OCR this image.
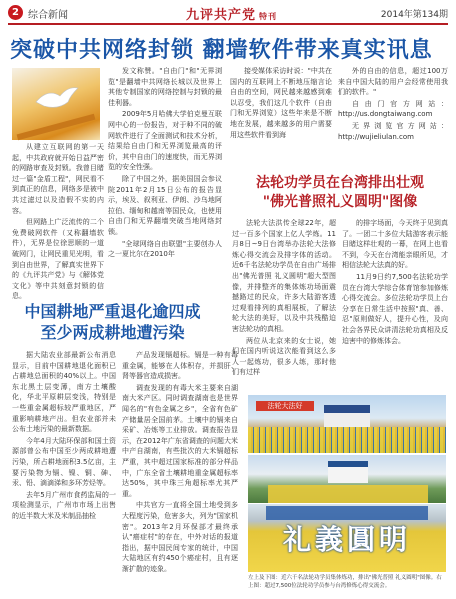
2 综合新闻	九评共产党 特刊	2014年第134期
突破中共网络封锁 翻墙软件带来真实讯息

从建立互联网的第一天起，中共政府就开始日益严密的网路审查及封锁。我曾目睹过一篇"金盾工程"，网民看不到真正的信息，网络多是被中共过滤过以及造假不实的内容。

但网路上广泛流传的二个免费破网软件（又称翻墙软件），无界是位徐思顺的一道破网门，让网民重见光明，看到自由世界，了解真实世界下的《九评共产党》与《解体党文化》等中共刻意封锁的信息。

发文称赞。"自由门"和"无界浏览"是翻墙中共网络长城以及世界上其他专制国家的网络控制与封锁的最佳利器。

2009年5月哈佛大学伯克曼互联网中心的一份报告，对于种不同的破网软件进行了全面测试和技术分析，结果给自由门和无界浏览最高的评价，其中自由门的速度快，而无界浏览的安全性强。

除了中国之外，据美国国会参议院2011年2月15日公布的报告显示，埃及、叙利亚、伊朗、沙乌地阿拉伯、缅甸和越南等国民众，也使用自由门和无界翻墙突破当地网络封锁。

"全球网络自由联盟"主要创办人之一夏比尔在2010年

接受媒体采访时说："中共在国内的互联网上不断地压缩言论自由的空间，网民越来越感到难以忍受，我们这几个软件（自由门和无界浏览）这些年来是不断地在发展，越来越多的用户需要用这些软件看到海

外的自由的信息，超过100万来自中国大陆的用户会经常使用我们的软件。"

自由门官方网站：http://us.dongtaiwang.com

无界浏览官方网站：http://wujieliulan.com

法轮功学员在台湾排出壮观
"佛光普照礼义圆明"图像

法轮大法洪传全球22年，超过一百多个国家上亿人学炼。11月8日~9日台湾举办法轮大法修炼心得交流会及排字体的活动。近6千名法轮功学员在自由广场排出"佛光普照 礼义圆明"超大型图像，并排整齐的集体炼功场面震撼路过的民众，许多大陆游客透过观看排列的真相展板，了解法轮大法的美好，以及中共残酷迫害法轮功的真相。

两位从北京来的女士说，她们在国内听说这次能看到这么多人一起炼功，很多人练，那时他们有过样

的排字场面，今天终于见到真了。一团二十多位大陆游客表示能目睹这样壮观的一幕，在网上也看不到，今天在台湾能亲眼所见，才相信法轮大法真的好。

11月9日约7,500名法轮功学员在台湾大学综合体育馆参加修炼心得交流会。多位法轮功学员上台分享在日常生活中按照"真、善、忍"原则做好人，提升心性，及向社会各界民众讲清法轮功真相及反迫害中的修炼体会。

法轮大法好
礼義圓明
左上及下图：近六千名法轮功学员集体炼功，排出"佛光普照 礼义圆明"图像。右上图：超过7,500位法轮功学员参与台湾修炼心得交流会。
中国耕地严重退化逾四成
至少两成耕地遭污染

据大陆农业部最新公布消息显示，目前中国耕地退化面积已占耕地总面积的40%以上。中国东北黑土层变薄，南方土壤酸化，华北平原耕层变浅，特别是一些重金属超标较严重地区，严重影响耕地产出。但农业部并未公布土地污染的最新数据。

今年4月大陆环保部和国土资源部曾公布中国至少两成耕地遭污染，所占耕地面积3.5亿亩，主要污染物为镉、镍、铜、砷、汞、铅、滴滴涕和多环芳烃等。

去年5月广州市食药监局的一项检测显示，广州市市场上出售的近半数大米及米制品抽检

产品发现镉超标。镉是一种有毒重金属，能够在人体积存，并损肝、肾等器官造成损害。

调查发现的有毒大米主要来自湖南大米产区。同时调查湖南也是世界闻名的"有色金属之乡"，全省有色矿产储量居全国前茅。土壤中的镉来自采矿、冶炼等工业排放。调查报告显示，在2012年广东省调查的问题大米中产自湖南，有些批次的大米镉超标严重，其中超过国家标准的部分样品中，广东全省土壤耕地重金属超标率达50%，其中珠三角超标率尤其严重。

中共官方一直将全国土地受到多大程度污染，危害多大，列为"国家机密"。2013年2月环保部才最终承认"癌症村"的存在，中外对话的报道指出，据中国民间专家的统计，中国大陆地区有约450个癌症村，且有逐渐扩散的迹象。
